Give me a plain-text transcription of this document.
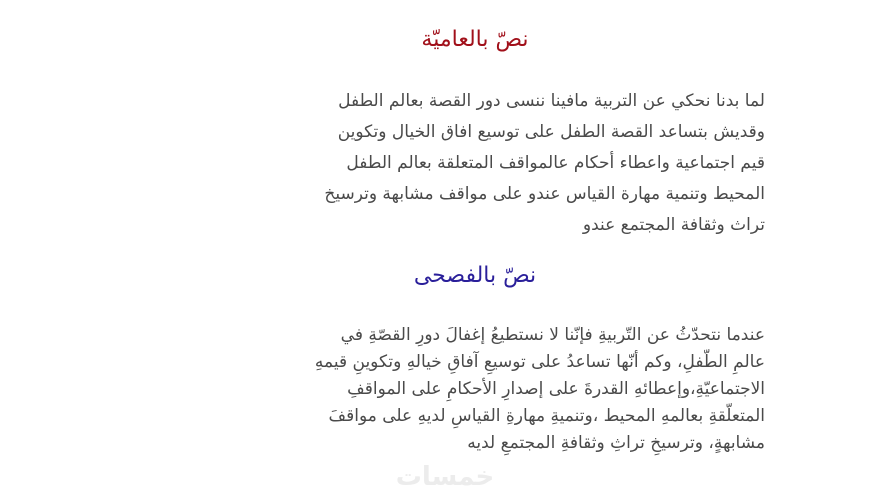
نصّ بالعاميّة
لما بدنا نحكي عن التربية مافينا ننسى دور القصة بعالم الطفل
وقديش بتساعد القصة الطفل على توسيع افاق الخيال وتكوين
قيم اجتماعية واعطاء أحكام عالمواقف المتعلقة بعالم الطفل
المحيط وتنمية مهارة القياس عندو على مواقف مشابهة وترسيخ
تراث وثقافة المجتمع عندو
نصّ بالفصحى
عندما نتحدّثُ عن التّربيةِ فإنّنا لا نستطيعُ إغفالَ دورِ القصّةِ في
عالمِ الطّفلِ، وكم أنّها تساعدُ على توسيعِ آفاقِ خيالهِ وتكوينِ قيمهِ
الاجتماعيّةِ،وإعطائهِ القدرةَ على إصدارِ الأحكامِ على المواقفِ
المتعلّقةِ بعالمهِ المحيط ،وتنميةِ مهارةِ القياسِ لديهِ على مواقفَ
مشابهةٍ، وترسيخِ تراثِ وثقافةِ المجتمعِ لديه
خمسات
